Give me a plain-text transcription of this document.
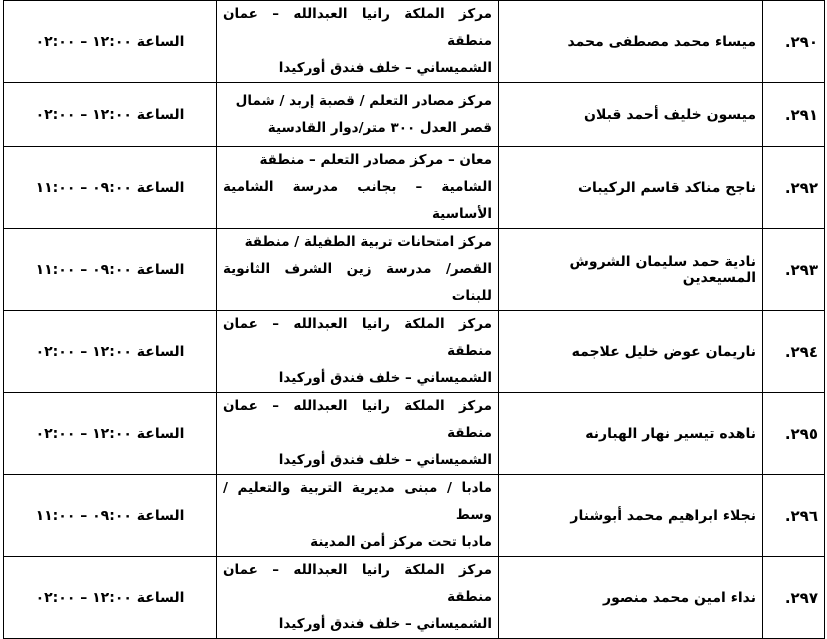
٢٩٠.	ميساء محمد مصطفى محمد	مركز الملكة رانيا العبدالله – عمان منطقة
الشميساني – خلف فندق أوركيدا	الساعة ١٢:٠٠ – ٠٢:٠٠
٢٩١.	ميسون خليف أحمد قبلان	مركز مصادر التعلم / قصبة إربد / شمال
قصر العدل ٣٠٠ متر/دوار القادسية	الساعة ١٢:٠٠ – ٠٢:٠٠
٢٩٢.	ناجح مناكد قاسم الركيبات	معان – مركز مصادر التعلم – منطقة
الشامية – بجانب مدرسة الشامية الأساسية	الساعة ٠٩:٠٠ – ١١:٠٠
٢٩٣.	نادية حمد سليمان الشروش المسيعدين	مركز امتحانات تربية الطفيلة / منطقة
القصر/ مدرسة زين الشرف الثانوية للبنات	الساعة ٠٩:٠٠ – ١١:٠٠
٢٩٤.	ناريمان عوض خليل علاجمه	مركز الملكة رانيا العبدالله – عمان منطقة
الشميساني – خلف فندق أوركيدا	الساعة ١٢:٠٠ – ٠٢:٠٠
٢٩٥.	ناهده تيسير نهار الهبارنه	مركز الملكة رانيا العبدالله – عمان منطقة
الشميساني – خلف فندق أوركيدا	الساعة ١٢:٠٠ – ٠٢:٠٠
٢٩٦.	نجلاء ابراهيم محمد أبوشنار	مادبا / مبنى مديرية التربية والتعليم /وسط
مادبا تحت مركز أمن المدينة	الساعة ٠٩:٠٠ – ١١:٠٠
٢٩٧.	نداء امين محمد منصور	مركز الملكة رانيا العبدالله – عمان منطقة
الشميساني – خلف فندق أوركيدا	الساعة ١٢:٠٠ – ٠٢:٠٠
